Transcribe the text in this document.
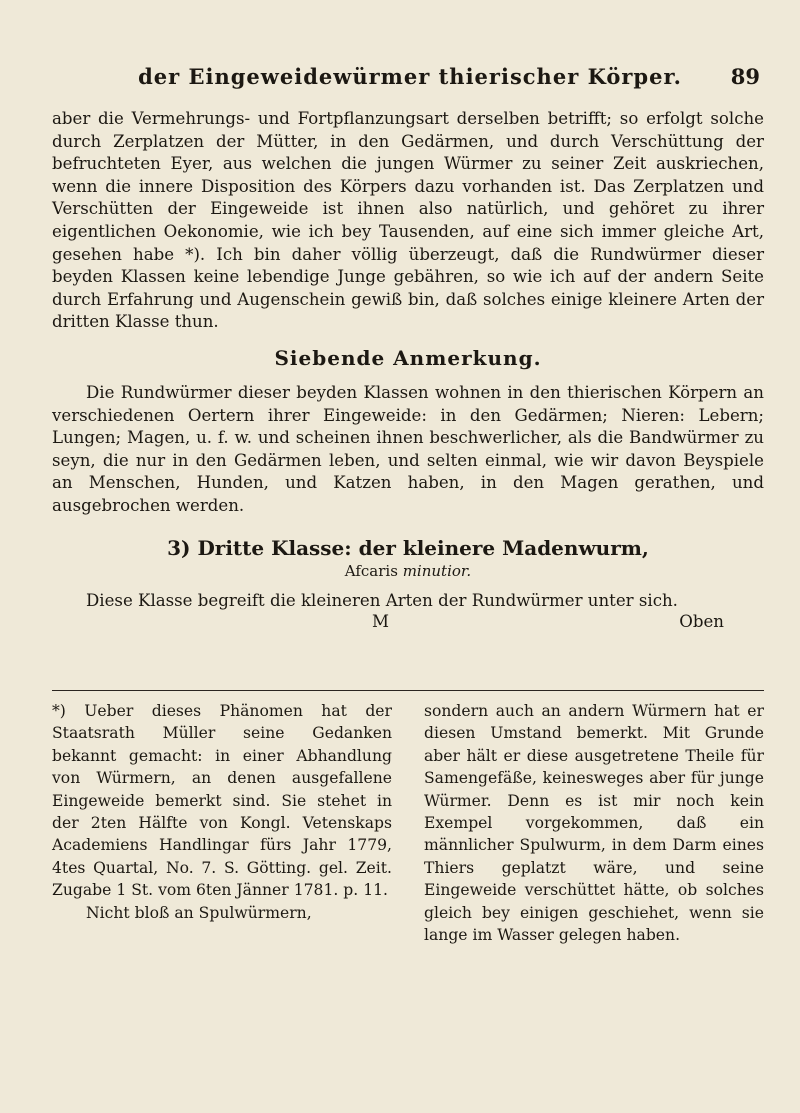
der Eingeweidewürmer thierischer Körper.	89

aber die Vermehrungs- und Fortpflanzungsart derselben betrifft; so erfolgt solche durch Zerplatzen der Mütter, in den Gedärmen, und durch Verschüttung der befruchteten Eyer, aus welchen die jungen Würmer zu seiner Zeit auskriechen, wenn die innere Disposition des Körpers dazu vorhanden ist. Das Zerplatzen und Verschütten der Eingeweide ist ihnen also natürlich, und gehöret zu ihrer eigentlichen Oekonomie, wie ich bey Tausenden, auf eine sich immer gleiche Art, gesehen habe *). Ich bin daher völlig überzeugt, daß die Rundwürmer dieser beyden Klassen keine lebendige Junge gebähren, so wie ich auf der andern Seite durch Erfahrung und Augenschein gewiß bin, daß solches einige kleinere Arten der dritten Klasse thun.

Siebende Anmerkung.

Die Rundwürmer dieser beyden Klassen wohnen in den thierischen Körpern an verschiedenen Oertern ihrer Eingeweide: in den Gedärmen; Nieren: Lebern; Lungen; Magen, u. f. w. und scheinen ihnen beschwerlicher, als die Bandwürmer zu seyn, die nur in den Gedärmen leben, und selten einmal, wie wir davon Beyspiele an Menschen, Hunden, und Katzen haben, in den Magen gerathen, und ausgebrochen werden.

3) Dritte Klasse: der kleinere Madenwurm,
Afcaris minutior.

Diese Klasse begreift die kleineren Arten der Rundwürmer unter sich.

M	Oben

*) Ueber dieses Phänomen hat der Staatsrath Müller seine Gedanken bekannt gemacht: in einer Abhandlung von Würmern, an denen ausgefallene Eingeweide bemerkt sind. Sie stehet in der 2ten Hälfte von Kongl. Vetenskaps Academiens Handlingar fürs Jahr 1779, 4tes Quartal, No. 7. S. Götting. gel. Zeit. Zugabe 1 St. vom 6ten Jänner 1781. p. 11.

Nicht bloß an Spulwürmern,

sondern auch an andern Würmern hat er diesen Umstand bemerkt. Mit Grunde aber hält er diese ausgetretene Theile für Samengefäße, keinesweges aber für junge Würmer. Denn es ist mir noch kein Exempel vorgekommen, daß ein männlicher Spulwurm, in dem Darm eines Thiers geplatzt wäre, und seine Eingeweide verschüttet hätte, ob solches gleich bey einigen geschiehet, wenn sie lange im Wasser gelegen haben.
